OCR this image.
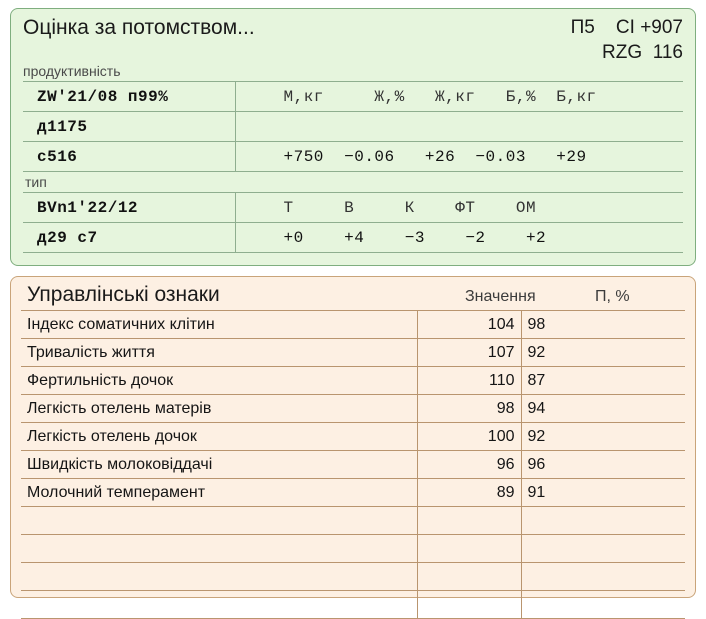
Оцінка за потомством...	П5    CI +907
RZG  116
продуктивність
ZW'21/08 п99%	М,кг     Ж,%   Ж,кг   Б,%  Б,кг
д1175	
с516	+750  −0.06   +26  −0.03   +29
тип
BVn1'22/12	Т     В     К    ФТ    ОМ
д29 с7	+0    +4    −3    −2    +2
Управлінські ознаки	Значення	П, %
Індекс соматичних клітин	104	98
Тривалість життя	107	92
Фертильність дочок	110	87
Легкість отелень матерів	98	94
Легкість отелень дочок	100	92
Швидкість молоковіддачі	96	96
Молочний темперамент	89	91
